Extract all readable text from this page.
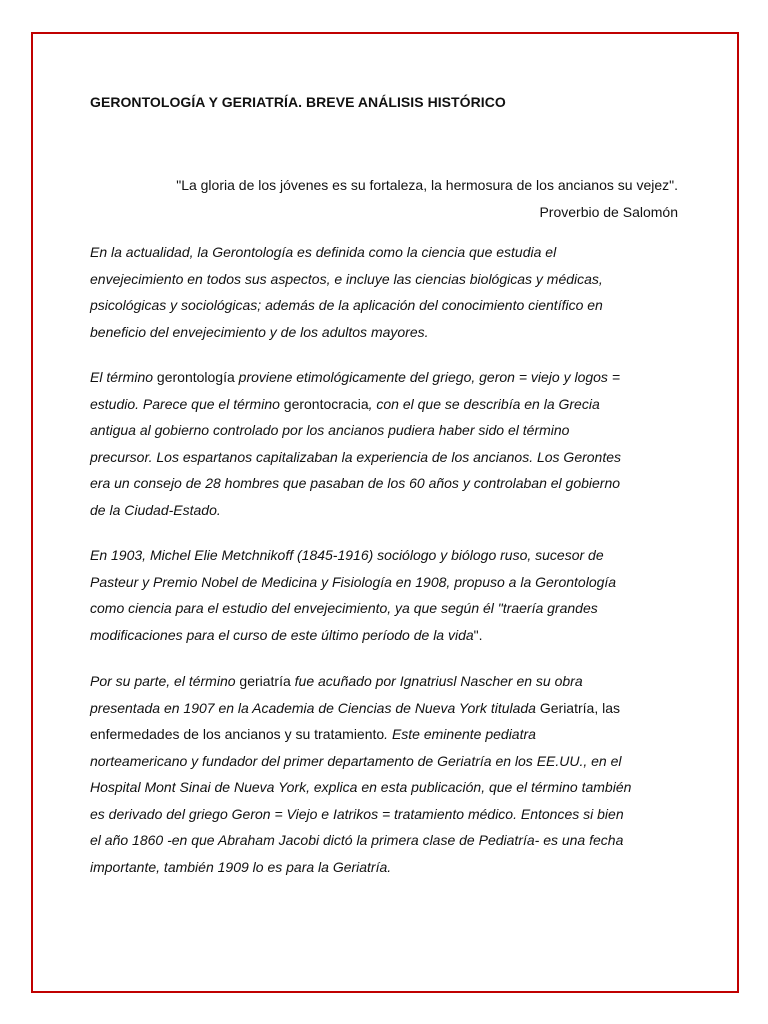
GERONTOLOGÍA Y GERIATRÍA. BREVE ANÁLISIS HISTÓRICO
"La gloria de los jóvenes es su fortaleza, la hermosura de los ancianos su vejez".
Proverbio de Salomón
En la actualidad, la Gerontología es definida como la ciencia que estudia el
envejecimiento en todos sus aspectos, e incluye las ciencias biológicas y médicas,
psicológicas y sociológicas; además de la aplicación del conocimiento científico en
beneficio del envejecimiento y de los adultos mayores.
El término gerontología proviene etimológicamente del griego, geron = viejo y logos =
estudio. Parece que el término gerontocracia, con el que se describía en la Grecia
antigua al gobierno controlado por los ancianos pudiera haber sido el término
precursor. Los espartanos capitalizaban la experiencia de los ancianos. Los Gerontes
era un consejo de 28 hombres que pasaban de los 60 años y controlaban el gobierno
de la Ciudad-Estado.
En 1903, Michel Elie Metchnikoff (1845-1916) sociólogo y biólogo ruso, sucesor de
Pasteur y Premio Nobel de Medicina y Fisiología en 1908, propuso a la Gerontología
como ciencia para el estudio del envejecimiento, ya que según él "traería grandes
modificaciones para el curso de este último período de la vida".
Por su parte, el término geriatría fue acuñado por Ignatriusl Nascher en su obra
presentada en 1907 en la Academia de Ciencias de Nueva York titulada Geriatría, las
enfermedades de los ancianos y su tratamiento. Este eminente pediatra
norteamericano y fundador del primer departamento de Geriatría en los EE.UU., en el
Hospital Mont Sinai de Nueva York, explica en esta publicación, que el término también
es derivado del griego Geron = Viejo e Iatrikos = tratamiento médico. Entonces si bien
el año 1860 -en que Abraham Jacobi dictó la primera clase de Pediatría- es una fecha
importante, también 1909 lo es para la Geriatría.
